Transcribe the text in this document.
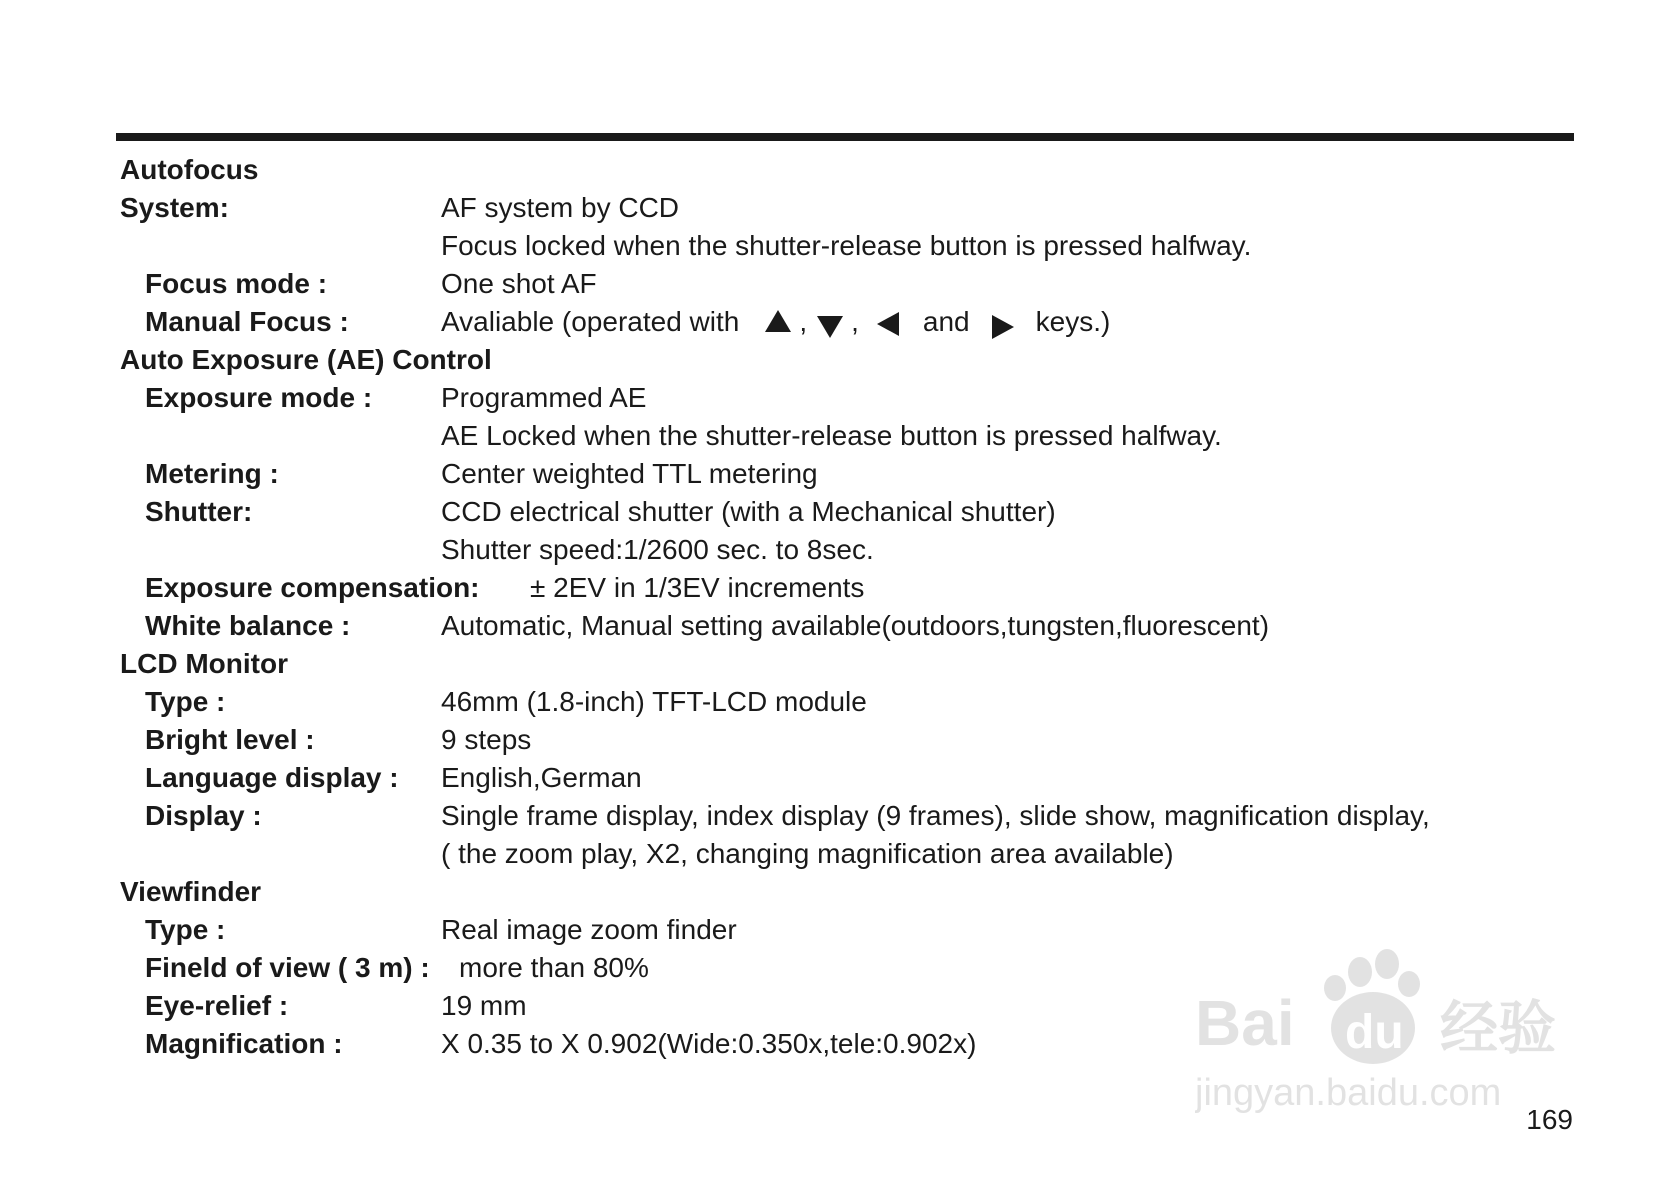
Autofocus
System:	AF system by CCD
Focus locked when the shutter-release button is pressed halfway.
Focus mode :	One shot AF
Manual Focus :	Avaliable (operated with , , and keys.)
Auto Exposure (AE) Control
Exposure mode : Programmed AE
AE Locked when the shutter-release button is pressed halfway.
Metering :	Center weighted TTL metering
Shutter:	CCD electrical shutter (with a Mechanical shutter)
Shutter speed:1/2600 sec. to 8sec.
Exposure compensation: ± 2EV in 1/3EV increments
White balance :	Automatic, Manual setting available(outdoors,tungsten,fluorescent)
LCD Monitor
Type :	46mm (1.8-inch) TFT-LCD module
Bright level :	9 steps
Language display : English,German
Display :	Single frame display, index display (9 frames), slide show, magnification display,
( the zoom play, X2, changing magnification area available)
Viewfinder
Type :	Real image zoom finder
Fineld of view ( 3 m) : more than 80%
Eye-relief :	19 mm
Magnification :	X 0.35 to X 0.902(Wide:0.350x,tele:0.902x)	Bai du 经验
jingyan.baidu.com
169
